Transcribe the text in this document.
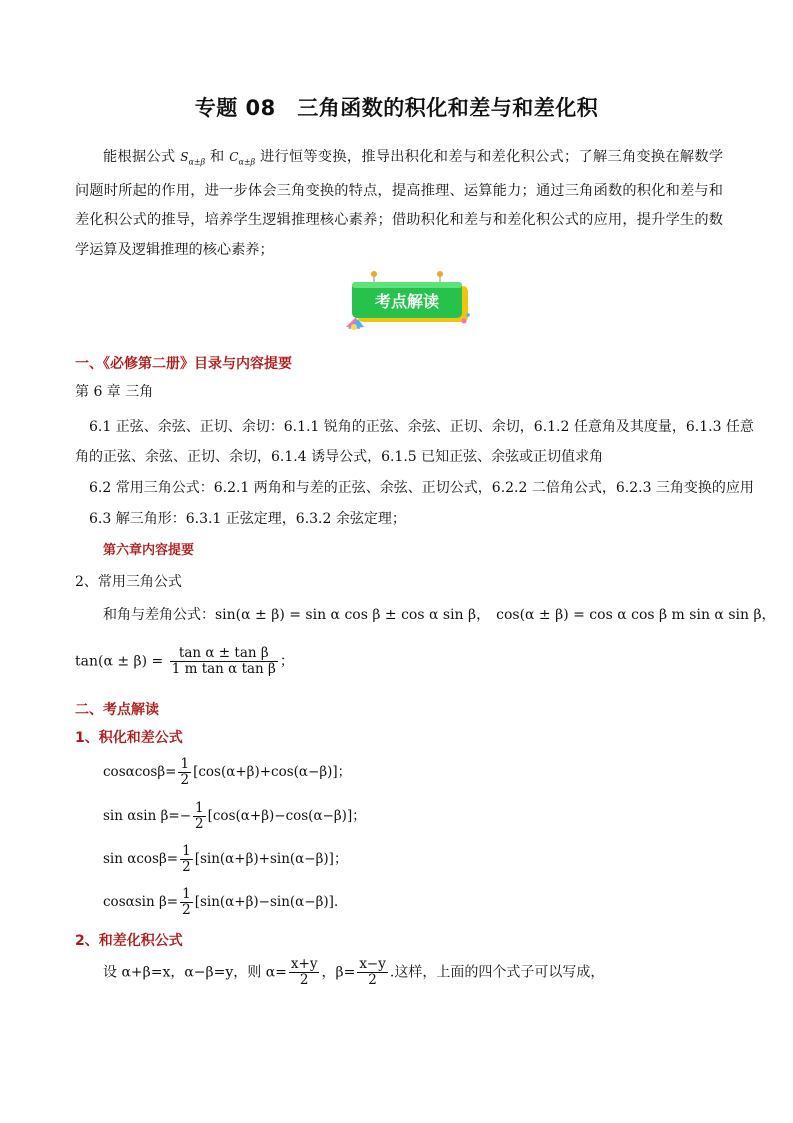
专题 08　三角函数的积化和差与和差化积
能根据公式 $S_{\alpha\pm\beta}$ 和 $C_{\alpha\pm\beta}$ 进行恒等变换，推导出积化和差与和差化积公式；了解三角变换在解数学问题时所起的作用，进一步体会三角变换的特点，提高推理、运算能力；通过三角函数的积化和差与和差化积公式的推导，培养学生逻辑推理核心素养；借助积化和差与和差化积公式的应用，提升学生的数学运算及逻辑推理的核心素养；
考点解读
一、《必修第二册》目录与内容提要
第 6 章 三角
6.1 正弦、余弦、正切、余切：6.1.1 锐角的正弦、余弦、正切、余切，6.1.2 任意角及其度量，6.1.3 任意
角的正弦、余弦、正切、余切，6.1.4 诱导公式，6.1.5 已知正弦、余弦或正切值求角
6.2 常用三角公式：6.2.1 两角和与差的正弦、余弦、正切公式，6.2.2 二倍角公式，6.2.3 三角变换的应用
6.3 解三角形：6.3.1 正弦定理，6.3.2 余弦定理；
第六章内容提要
2、常用三角公式
和角与差角公式：sin(α ± β) = sin α cos β ± cos α sin β， cos(α ± β) = cos α cos β m sin α sin β，
$\tan(\alpha \pm \beta) = \frac{\text{tan α ± tan β}}{\text{1 m tan α tan β}}$ ；
二、考点解读
1、积化和差公式
$\cos\alpha\cos\beta= \frac{1}{2} [\cos(\alpha+\beta)+\cos(\alpha-\beta)]$；
sin αsin $\beta=- \frac{1}{2} [\cos(\alpha+\beta)-\cos(\alpha-\beta)]$；
$\sin \alpha\cos\beta= \frac{1}{2} [\sin(\alpha+\beta)+\sin(\alpha-\beta)]$；
cosαsin $\beta= \frac{1}{2} [\sin(\alpha+\beta)-\sin(\alpha-\beta)]$．
2、和差化积公式
设 α+β=x，α−β=y，则 $\alpha= \frac{x+y}{2}$ ，$\beta= \frac{x-y}{2}$ .这样，上面的四个式子可以写成，
